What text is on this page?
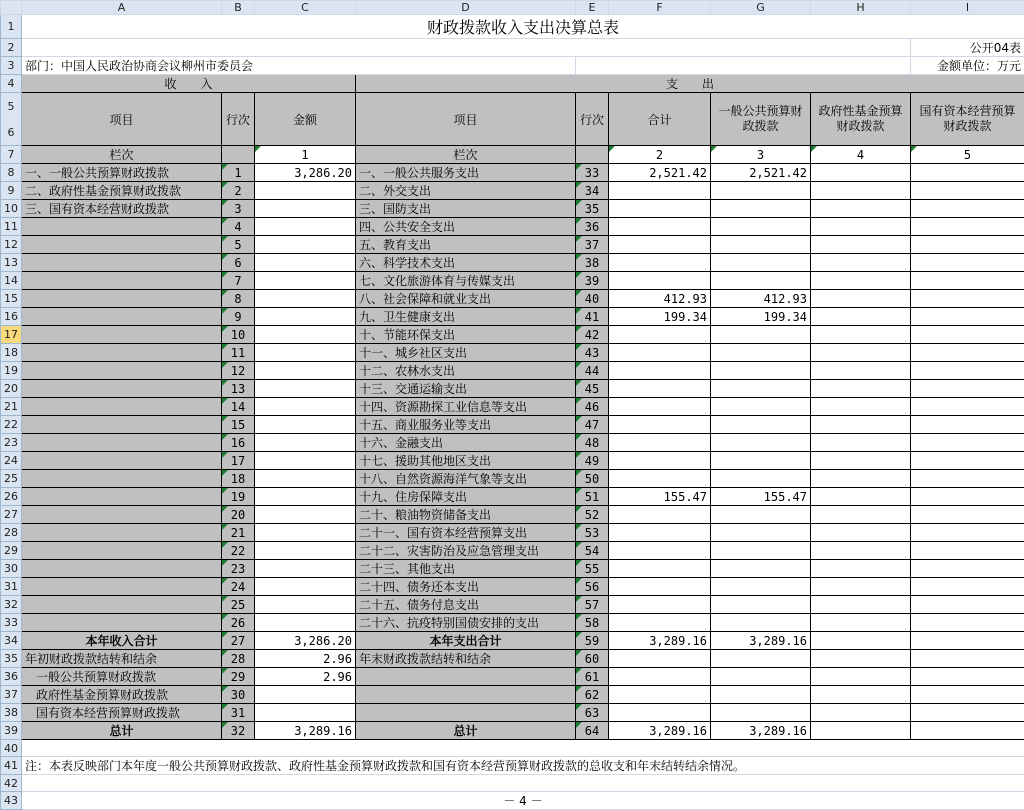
	A	B	C	D	E	F	G	H	I
1	财政拨款收入支出决算总表								
2									公开04表
3	部门：中国人民政治协商会议柳州市委员会								金额单位：万元
4	收　　入			支　　出					
5

6	项目	行次	金额	项目	行次	合计	一般公共预算财政拨款	政府性基金预算财政拨款	国有资本经营预算财政拨款
7	栏次		1	栏次		2	3	4	5
8	一、一般公共预算财政拨款	1	3,286.20	一、一般公共服务支出	33	2,521.42	2,521.42		
9	二、政府性基金预算财政拨款	2		二、外交支出	34				
10	三、国有资本经营财政拨款	3		三、国防支出	35				
11		4		四、公共安全支出	36				
12		5		五、教育支出	37				
13		6		六、科学技术支出	38				
14		7		七、文化旅游体育与传媒支出	39				
15		8		八、社会保障和就业支出	40	412.93	412.93		
16		9		九、卫生健康支出	41	199.34	199.34		
17		10		十、节能环保支出	42				
18		11		十一、城乡社区支出	43				
19		12		十二、农林水支出	44				
20		13		十三、交通运输支出	45				
21		14		十四、资源勘探工业信息等支出	46				
22		15		十五、商业服务业等支出	47				
23		16		十六、金融支出	48				
24		17		十七、援助其他地区支出	49				
25		18		十八、自然资源海洋气象等支出	50				
26		19		十九、住房保障支出	51	155.47	155.47		
27		20		二十、粮油物资储备支出	52				
28		21		二十一、国有资本经营预算支出	53				
29		22		二十二、灾害防治及应急管理支出	54				
30		23		二十三、其他支出	55				
31		24		二十四、债务还本支出	56				
32		25		二十五、债务付息支出	57				
33		26		二十六、抗疫特别国债安排的支出	58				
34	本年收入合计	27	3,286.20	本年支出合计	59	3,289.16	3,289.16		
35	年初财政拨款结转和结余	28	2.96	年末财政拨款结转和结余	60				
36	一般公共预算财政拨款	29	2.96		61				
37	政府性基金预算财政拨款	30			62				
38	国有资本经营预算财政拨款	31			63				
39	总计	32	3,289.16	总计	64	3,289.16	3,289.16		
40									
41	注：本表反映部门本年度一般公共预算财政拨款、政府性基金预算财政拨款和国有资本经营预算财政拨款的总收支和年末结转结余情况。								
42									
43	－ 4 －								
